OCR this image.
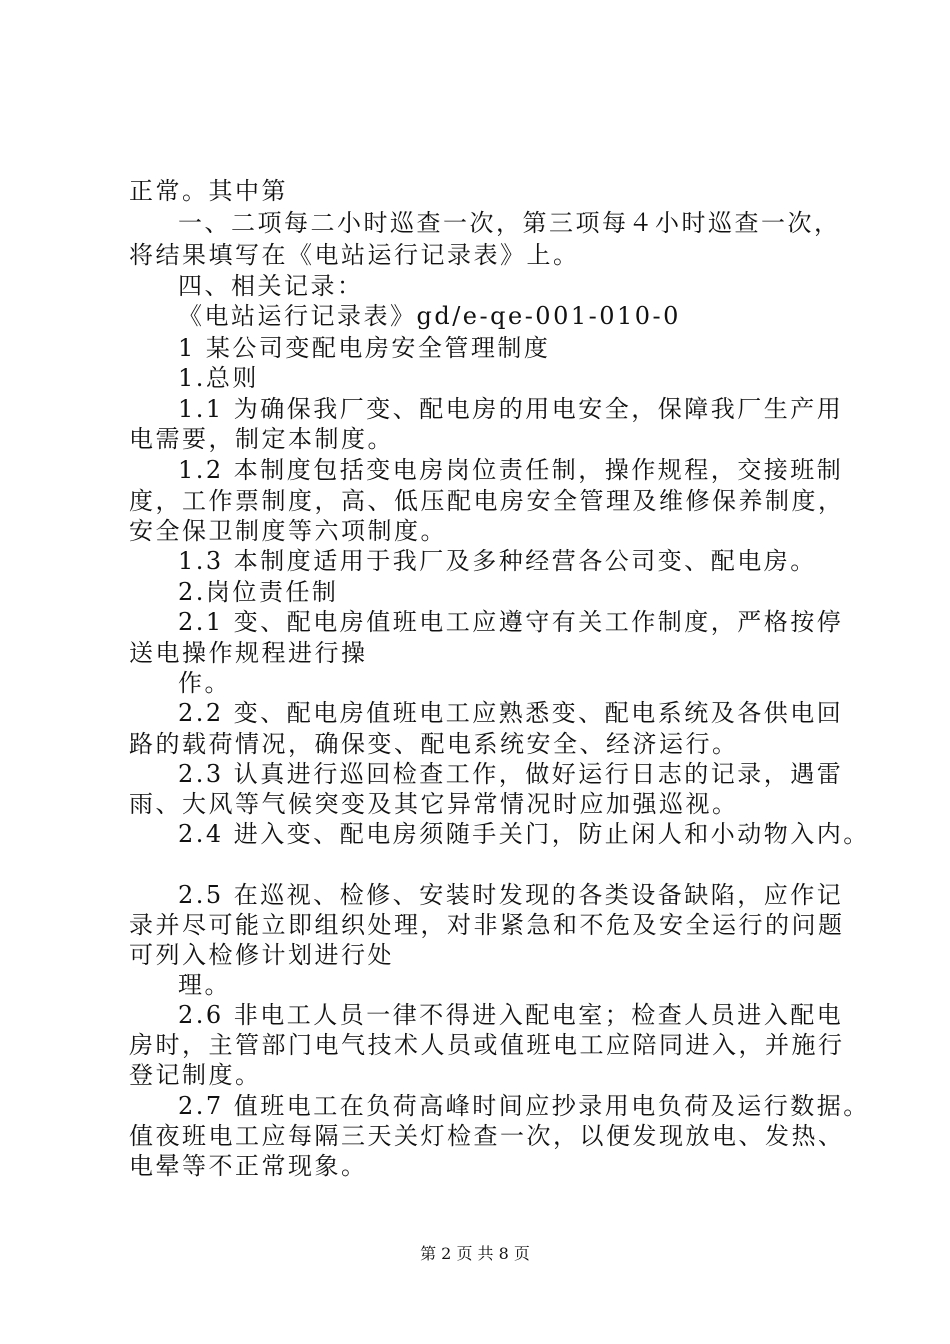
正常。其中第
一、二项每二小时巡查一次，第三项每４小时巡查一次，
将结果填写在《电站运行记录表》上。
四、相关记录：
《电站运行记录表》gd/e-qe-001-010-0
1 某公司变配电房安全管理制度
1.总则
1.1 为确保我厂变、配电房的用电安全，保障我厂生产用
电需要，制定本制度。
1.2 本制度包括变电房岗位责任制，操作规程，交接班制
度，工作票制度，高、低压配电房安全管理及维修保养制度，
安全保卫制度等六项制度。
1.3 本制度适用于我厂及多种经营各公司变、配电房。
2.岗位责任制
2.1 变、配电房值班电工应遵守有关工作制度，严格按停
送电操作规程进行操
作。
2.2 变、配电房值班电工应熟悉变、配电系统及各供电回
路的载荷情况，确保变、配电系统安全、经济运行。
2.3 认真进行巡回检查工作，做好运行日志的记录，遇雷
雨、大风等气候突变及其它异常情况时应加强巡视。
2.4 进入变、配电房须随手关门，防止闲人和小动物入内。
2.5 在巡视、检修、安装时发现的各类设备缺陷，应作记
录并尽可能立即组织处理，对非紧急和不危及安全运行的问题
可列入检修计划进行处
理。
2.6 非电工人员一律不得进入配电室；检查人员进入配电
房时，主管部门电气技术人员或值班电工应陪同进入，并施行
登记制度。
2.7 值班电工在负荷高峰时间应抄录用电负荷及运行数据。
值夜班电工应每隔三天关灯检查一次，以便发现放电、发热、
电晕等不正常现象。
第 2 页 共 8 页
